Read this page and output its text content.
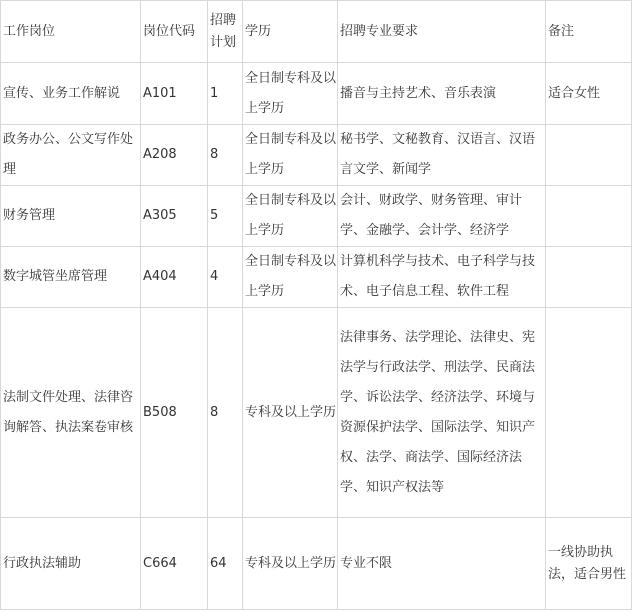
工作岗位	岗位代码	招聘计划	学历	招聘专业要求	备注
宣传、业务工作解说	A101	1	全日制专科及以上学历	播音与主持艺术、音乐表演	适合女性
政务办公、公文写作处理	A208	8	全日制专科及以上学历	秘书学、文秘教育、汉语言、汉语言文学、新闻学	
财务管理	A305	5	全日制专科及以上学历	会计、财政学、财务管理、审计学、金融学、会计学、经济学	
数字城管坐席管理	A404	4	全日制专科及以上学历	计算机科学与技术、电子科学与技术、电子信息工程、软件工程	
法制文件处理、法律咨询解答、执法案卷审核	B508	8	专科及以上学历	法律事务、法学理论、法律史、宪法学与行政法学、刑法学、民商法学、诉讼法学、经济法学、环境与资源保护法学、国际法学、知识产权、法学、商法学、国际经济法学、知识产权法等	
行政执法辅助	C664	64	专科及以上学历	专业不限	一线协助执法，适合男性
